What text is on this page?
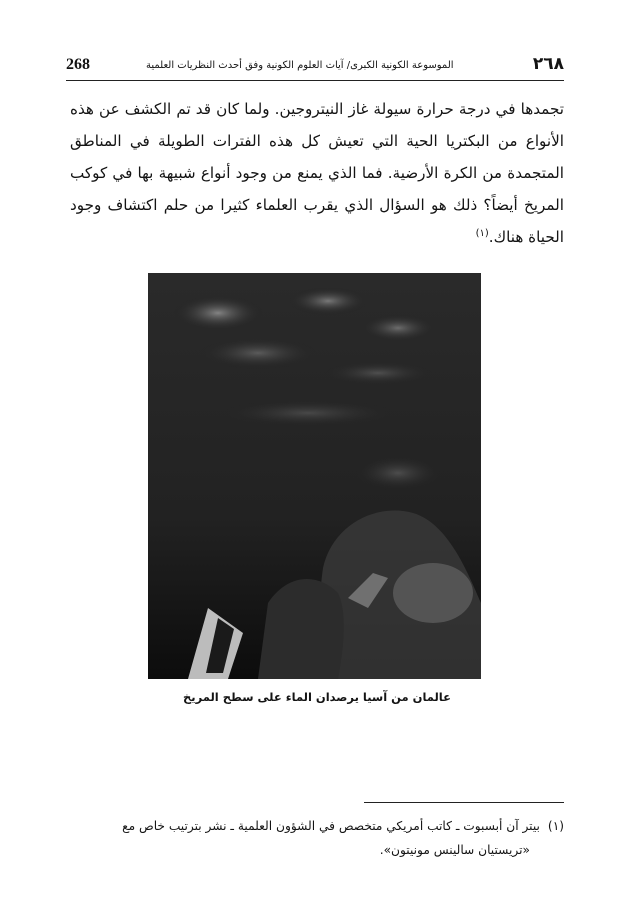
268	الموسوعة الكونية الكبرى/ آيات العلوم الكونية وفق أحدث النظريات العلمية	٢٦٨

تجمدها في درجة حرارة سيولة غاز النيتروجين. ولما كان قد تم الكشف عن هذه الأنواع من البكتريا الحية التي تعيش كل هذه الفترات الطويلة في المناطق المتجمدة من الكرة الأرضية. فما الذي يمنع من وجود أنواع شبيهة بها في كوكب المريخ أيضاً؟ ذلك هو السؤال الذي يقرب العلماء كثيرا من حلم اكتشاف وجود الحياة هناك.$^{(١)}$

عالمان من آسيا يرصدان الماء على سطح المريخ
(١)بيتر آن أبسبوت ـ كاتب أمريكي متخصص في الشؤون العلمية ـ نشر بترتيب خاص مع
«تريستيان سالينس مونيتون».
